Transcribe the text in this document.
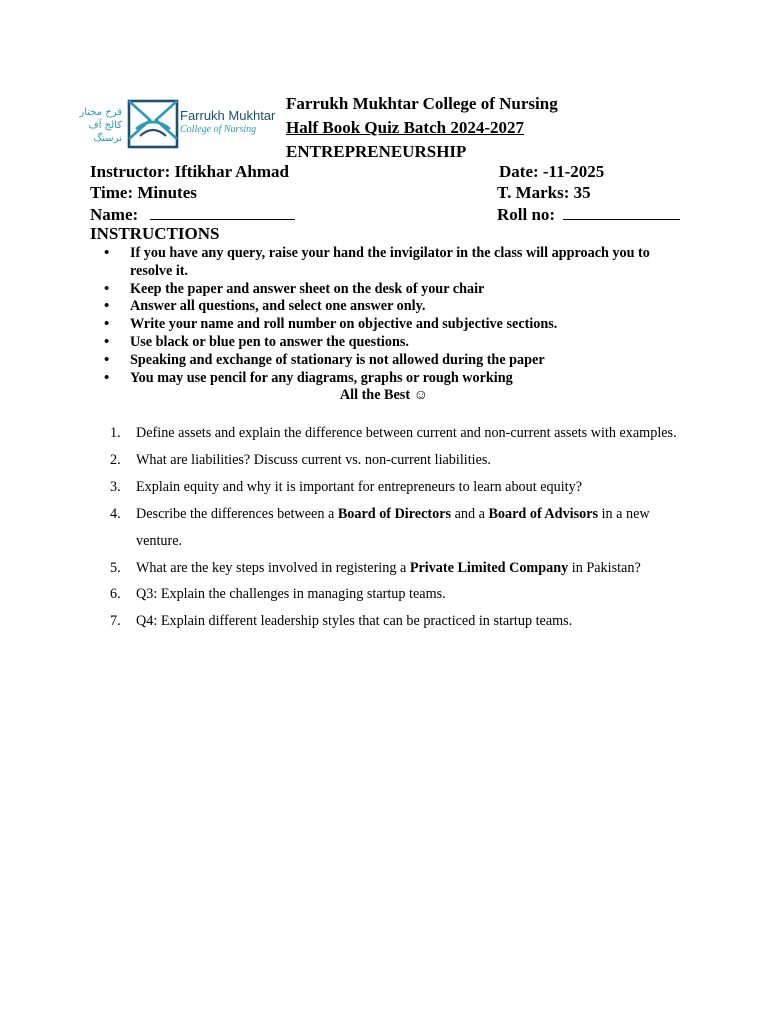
فرخ مختار
کالج آف نرسنگ
Farrukh Mukhtar
College of Nursing
Farrukh Mukhtar College of Nursing
Half Book Quiz Batch 2024-2027
ENTREPRENEURSHIP
Instructor: Iftikhar Ahmad	Date: -11-2025
Time: Minutes	T. Marks: 35
Name:	Roll no:
INSTRUCTIONS
• If you have any query, raise your hand the invigilator in the class will approach you to resolve it.
• Keep the paper and answer sheet on the desk of your chair
• Answer all questions, and select one answer only.
• Write your name and roll number on objective and subjective sections.
• Use black or blue pen to answer the questions.
• Speaking and exchange of stationary is not allowed during the paper
• You may use pencil for any diagrams, graphs or rough working
All the Best ☺
1. Define assets and explain the difference between current and non-current assets with examples.
2. What are liabilities? Discuss current vs. non-current liabilities.
3. Explain equity and why it is important for entrepreneurs to learn about equity?
4. Describe the differences between a Board of Directors and a Board of Advisors in a new venture.
5. What are the key steps involved in registering a Private Limited Company in Pakistan?
6. Q3: Explain the challenges in managing startup teams.
7. Q4: Explain different leadership styles that can be practiced in startup teams.
